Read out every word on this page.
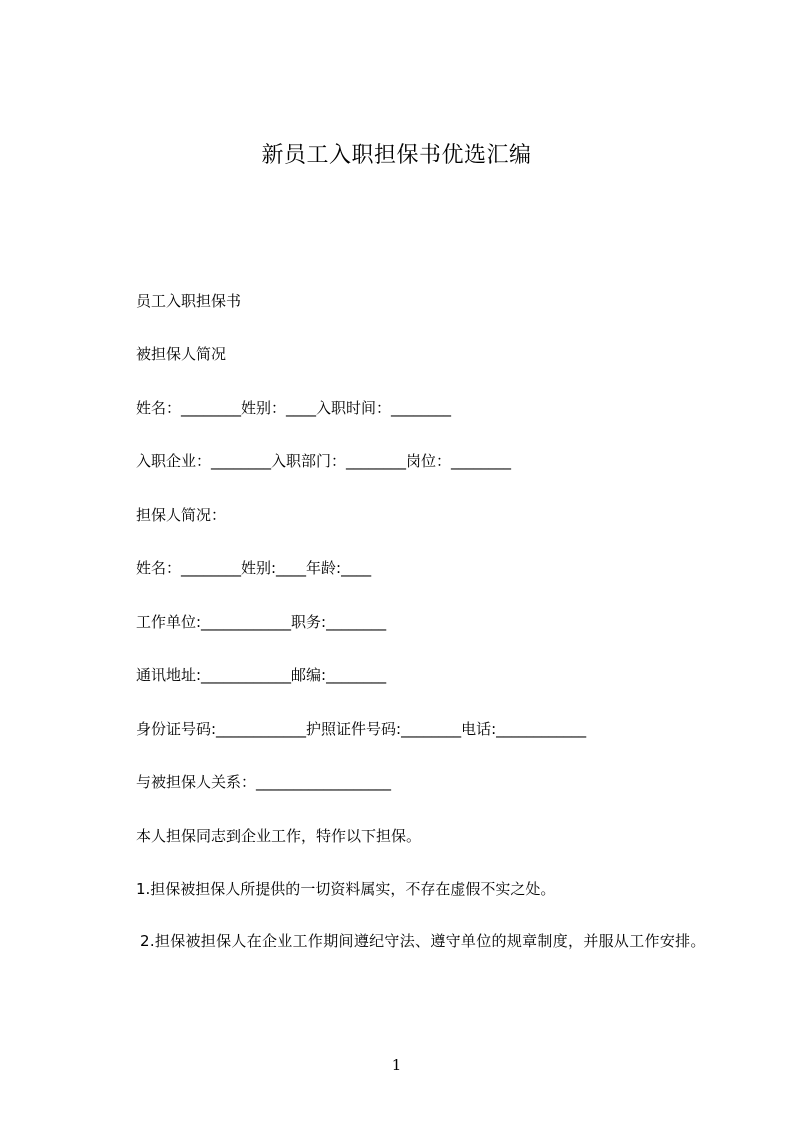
新员工入职担保书优选汇编
员工入职担保书
被担保人简况
姓名：________姓别：____入职时间：________
入职企业：________入职部门：________岗位：________
担保人简况：
姓名：________姓别:____年龄:____
工作单位:____________职务:________
通讯地址:____________邮编:________
身份证号码:____________护照证件号码:________电话:____________
与被担保人关系：__________________
本人担保同志到企业工作，特作以下担保。
1.担保被担保人所提供的一切资料属实，不存在虚假不实之处。
2.担保被担保人在企业工作期间遵纪守法、遵守单位的规章制度，并服从工作安排。
1
